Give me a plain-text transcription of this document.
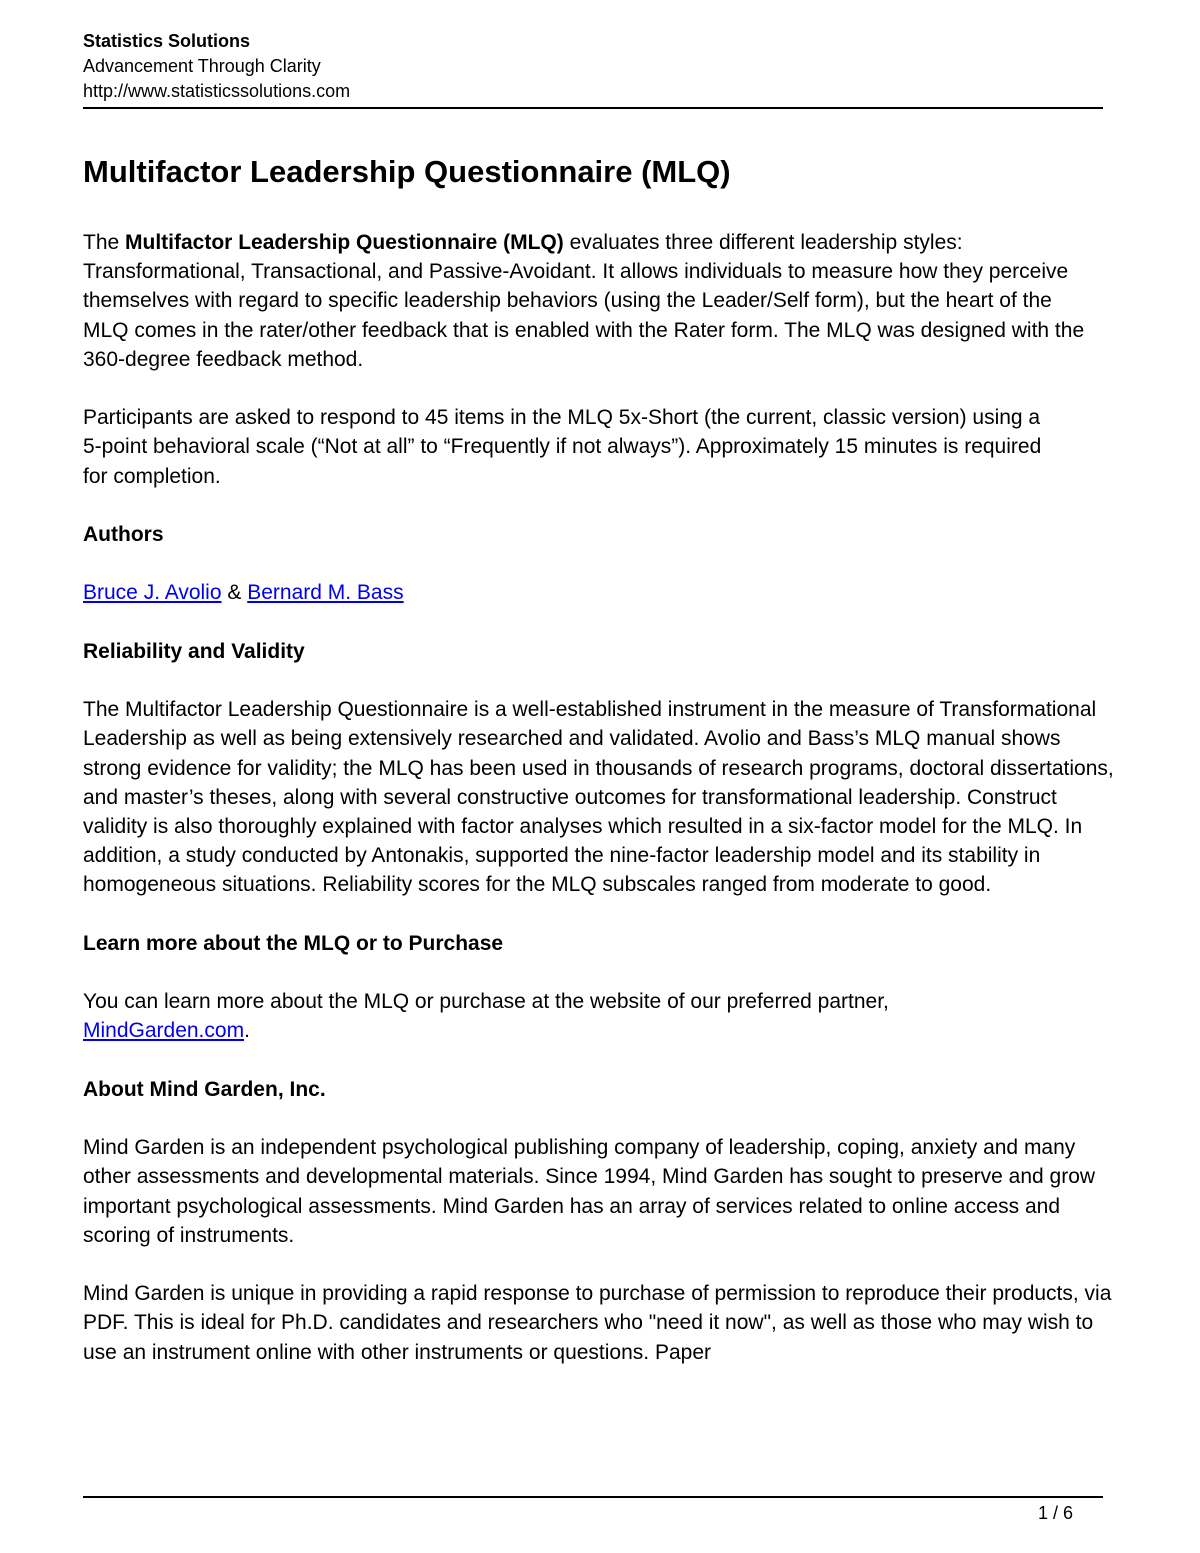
Statistics Solutions
Advancement Through Clarity
http://www.statisticssolutions.com
Multifactor Leadership Questionnaire (MLQ)

The Multifactor Leadership Questionnaire (MLQ) evaluates three different leadership styles: Transformational, Transactional, and Passive-Avoidant. It allows individuals to measure how they perceive themselves with regard to specific leadership behaviors (using the Leader/Self form), but the heart of the MLQ comes in the rater/other feedback that is enabled with the Rater form. The MLQ was designed with the 360-degree feedback method.

Participants are asked to respond to 45 items in the MLQ 5x-Short (the current, classic version) using a 5-point behavioral scale (“Not at all” to “Frequently if not always”). Approximately 15 minutes is required for completion.

Authors

Bruce J. Avolio & Bernard M. Bass

Reliability and Validity

The Multifactor Leadership Questionnaire is a well-established instrument in the measure of Transformational Leadership as well as being extensively researched and validated. Avolio and Bass’s MLQ manual shows strong evidence for validity; the MLQ has been used in thousands of research programs, doctoral dissertations, and master’s theses, along with several constructive outcomes for transformational leadership. Construct validity is also thoroughly explained with factor analyses which resulted in a six-factor model for the MLQ. In addition, a study conducted by Antonakis, supported the nine-factor leadership model and its stability in homogeneous situations. Reliability scores for the MLQ subscales ranged from moderate to good.

Learn more about the MLQ or to Purchase

You can learn more about the MLQ or purchase at the website of our preferred partner, MindGarden.com.

About Mind Garden, Inc.

Mind Garden is an independent psychological publishing company of leadership, coping, anxiety and many other assessments and developmental materials. Since 1994, Mind Garden has sought to preserve and grow important psychological assessments. Mind Garden has an array of services related to online access and scoring of instruments.

Mind Garden is unique in providing a rapid response to purchase of permission to reproduce their products, via PDF. This is ideal for Ph.D. candidates and researchers who "need it now", as well as those who may wish to use an instrument online with other instruments or questions. Paper

1 / 6
